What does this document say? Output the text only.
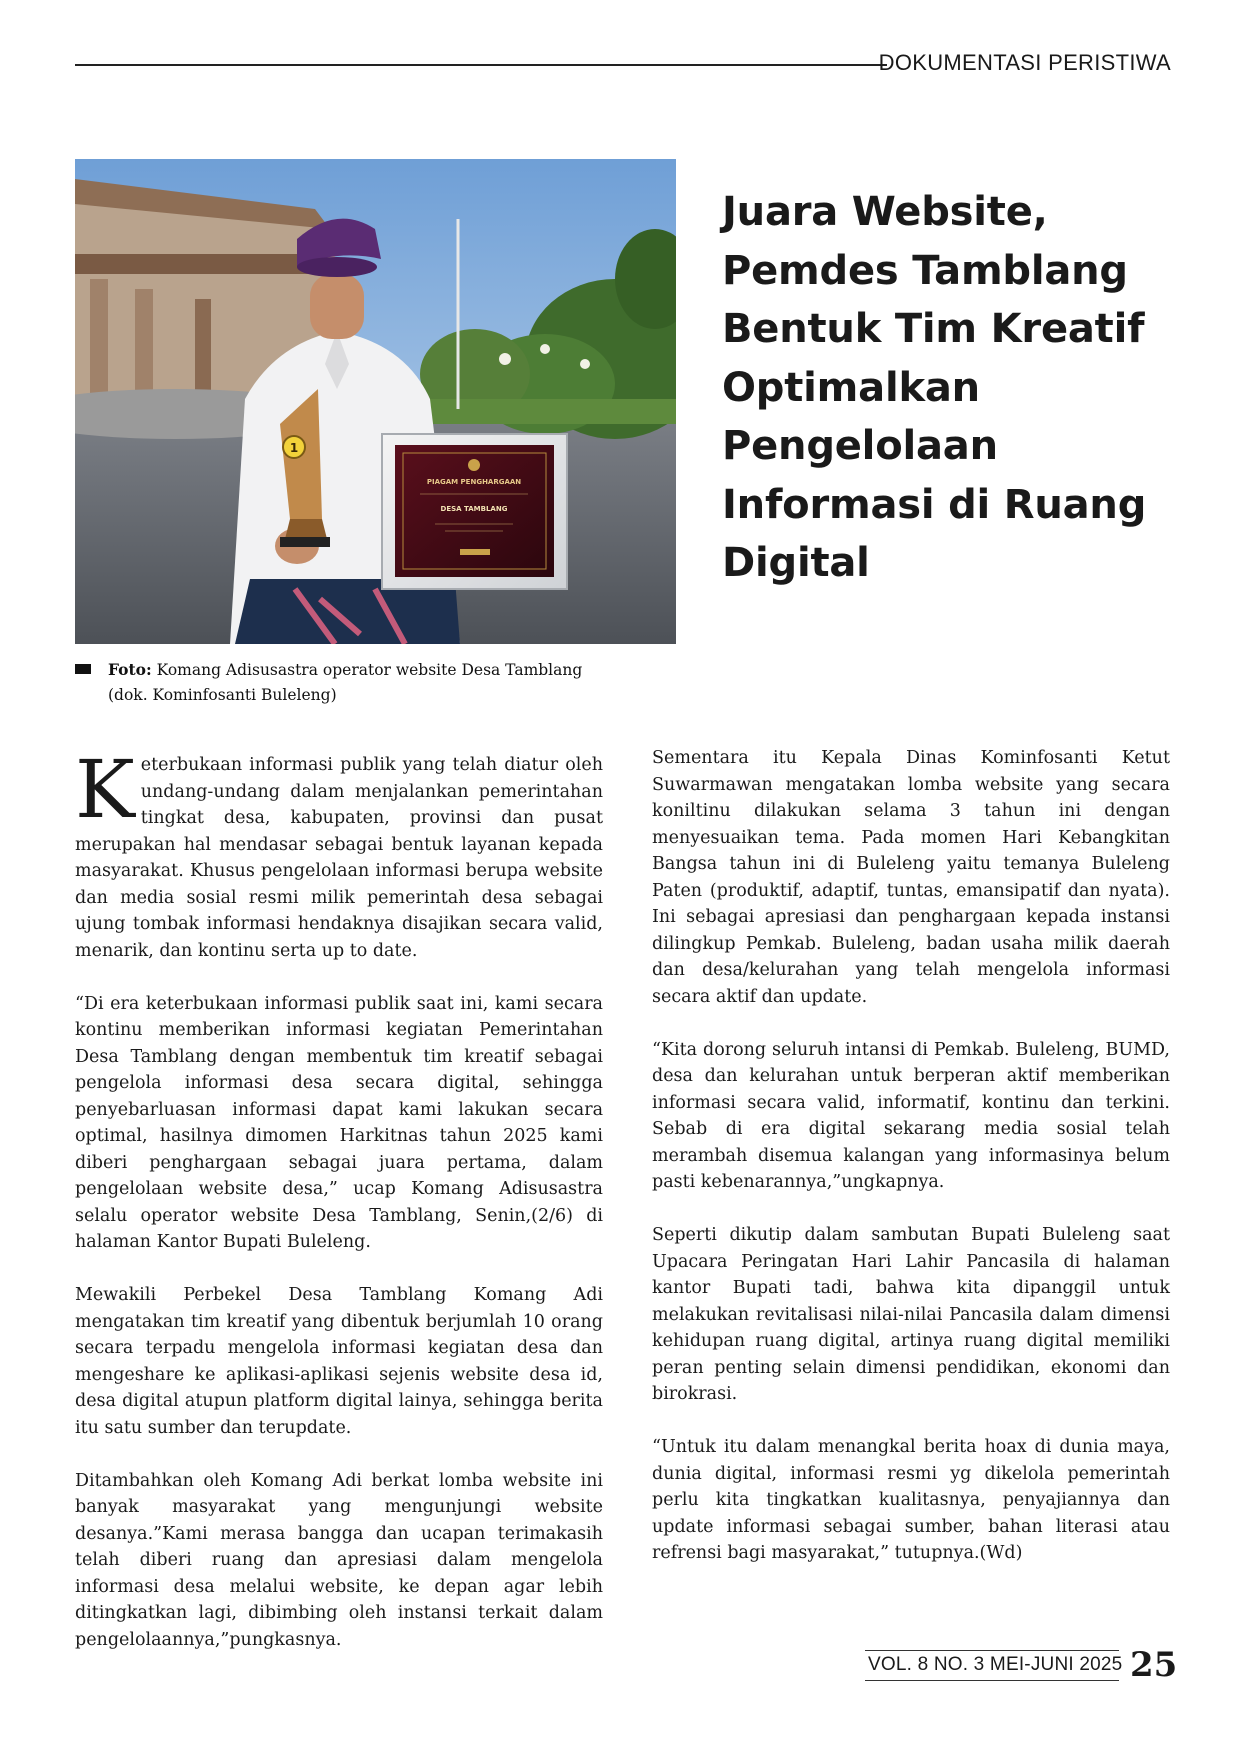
DOKUMENTASI PERISTIWA
1
PIAGAM PENGHARGAAN
DESA TAMBLANG
Juara Website, Pemdes Tamblang Bentuk Tim Kreatif Optimalkan Pengelolaan Informasi di Ruang Digital
Foto: Komang Adisusastra operator website Desa Tamblang
(dok. Kominfosanti Buleleng)

Keterbukaan informasi publik yang telah diatur oleh undang-undang dalam menjalankan pemerintahan tingkat desa, kabupaten, provinsi dan pusat merupakan hal mendasar sebagai bentuk layanan kepada masyarakat. Khusus pengelolaan informasi berupa website dan media sosial resmi milik pemerintah desa sebagai ujung tombak informasi hendaknya disajikan secara valid, menarik, dan kontinu serta up to date.

“Di era keterbukaan informasi publik saat ini, kami secara kontinu memberikan informasi kegiatan Pemerintahan Desa Tamblang dengan membentuk tim kreatif sebagai pengelola informasi desa secara digital, sehingga penyebarluasan informasi dapat kami lakukan secara optimal, hasilnya dimomen Harkitnas tahun 2025 kami diberi penghargaan sebagai juara pertama, dalam pengelolaan website desa,” ucap Komang Adisusastra selalu operator website Desa Tamblang, Senin,(2/6) di halaman Kantor Bupati Buleleng.

Mewakili Perbekel Desa Tamblang Komang Adi mengatakan tim kreatif yang dibentuk berjumlah 10 orang secara terpadu mengelola informasi kegiatan desa dan mengeshare ke aplikasi-aplikasi sejenis website desa id, desa digital atupun platform digital lainya, sehingga berita itu satu sumber dan terupdate.

Ditambahkan oleh Komang Adi berkat lomba website ini banyak masyarakat yang mengunjungi website desanya.”Kami merasa bangga dan ucapan terimakasih telah diberi ruang dan apresiasi dalam mengelola informasi desa melalui website, ke depan agar lebih ditingkatkan lagi, dibimbing oleh instansi terkait dalam pengelolaannya,”pungkasnya.

Sementara itu Kepala Dinas Kominfosanti Ketut Suwarmawan mengatakan lomba website yang secara koniltinu dilakukan selama 3 tahun ini dengan menyesuaikan tema. Pada momen Hari Kebangkitan Bangsa tahun ini di Buleleng yaitu temanya Buleleng Paten (produktif, adaptif, tuntas, emansipatif dan nyata). Ini sebagai apresiasi dan penghargaan kepada instansi dilingkup Pemkab. Buleleng, badan usaha milik daerah dan desa/kelurahan yang telah mengelola informasi secara aktif dan update.

“Kita dorong seluruh intansi di Pemkab. Buleleng, BUMD, desa dan kelurahan untuk berperan aktif memberikan informasi secara valid, informatif, kontinu dan terkini. Sebab di era digital sekarang media sosial telah merambah disemua kalangan yang informasinya belum pasti kebenarannya,”ungkapnya.

Seperti dikutip dalam sambutan Bupati Buleleng saat Upacara Peringatan Hari Lahir Pancasila di halaman kantor Bupati tadi, bahwa kita dipanggil untuk melakukan revitalisasi nilai-nilai Pancasila dalam dimensi kehidupan ruang digital, artinya ruang digital memiliki peran penting selain dimensi pendidikan, ekonomi dan birokrasi.

“Untuk itu dalam menangkal berita hoax di dunia maya, dunia digital, informasi resmi yg dikelola pemerintah perlu kita tingkatkan kualitasnya, penyajiannya dan update informasi sebagai sumber, bahan literasi atau refrensi bagi masyarakat,” tutupnya.(Wd)

VOL. 8 NO. 3 MEI-JUNI 2025 25
